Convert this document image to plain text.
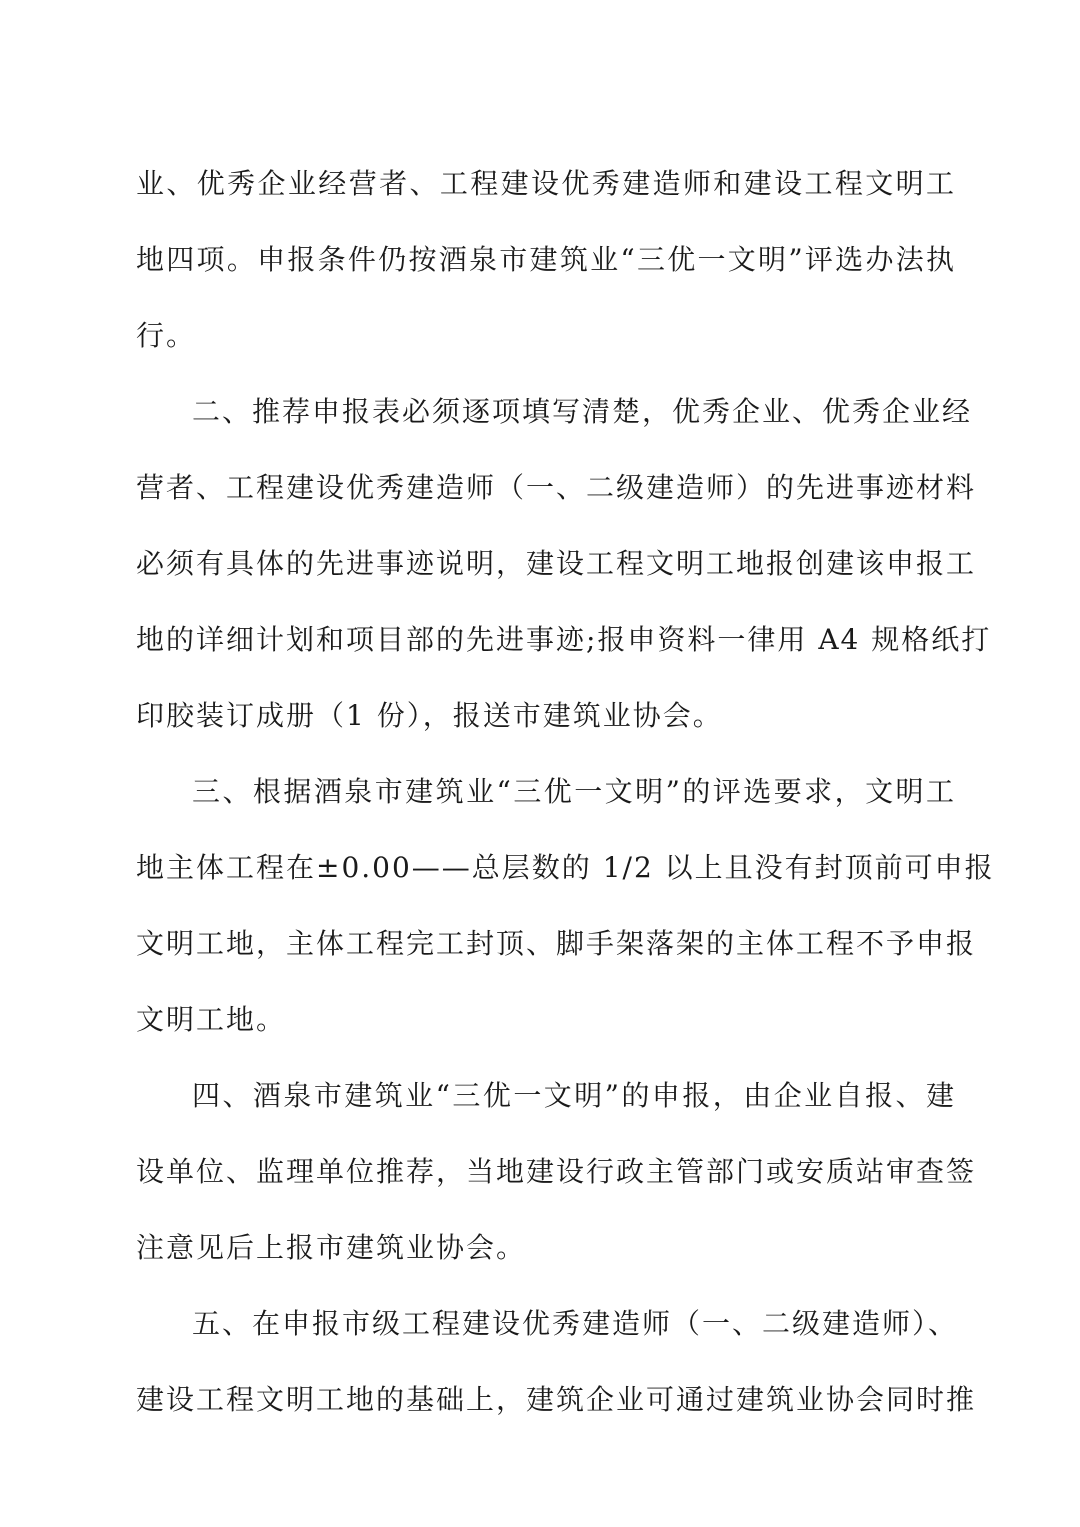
业、优秀企业经营者、工程建设优秀建造师和建设工程文明工
地四项。申报条件仍按酒泉市建筑业“三优一文明”评选办法执
行。
二、推荐申报表必须逐项填写清楚，优秀企业、优秀企业经
营者、工程建设优秀建造师（一、二级建造师）的先进事迹材料
必须有具体的先进事迹说明，建设工程文明工地报创建该申报工
地的详细计划和项目部的先进事迹;报申资料一律用 A4 规格纸打
印胶装订成册（1 份），报送市建筑业协会。
三、根据酒泉市建筑业“三优一文明”的评选要求，文明工
地主体工程在±0.00——总层数的 1/2 以上且没有封顶前可申报
文明工地，主体工程完工封顶、脚手架落架的主体工程不予申报
文明工地。
四、酒泉市建筑业“三优一文明”的申报，由企业自报、建
设单位、监理单位推荐，当地建设行政主管部门或安质站审查签
注意见后上报市建筑业协会。
五、在申报市级工程建设优秀建造师（一、二级建造师）、
建设工程文明工地的基础上，建筑企业可通过建筑业协会同时推
